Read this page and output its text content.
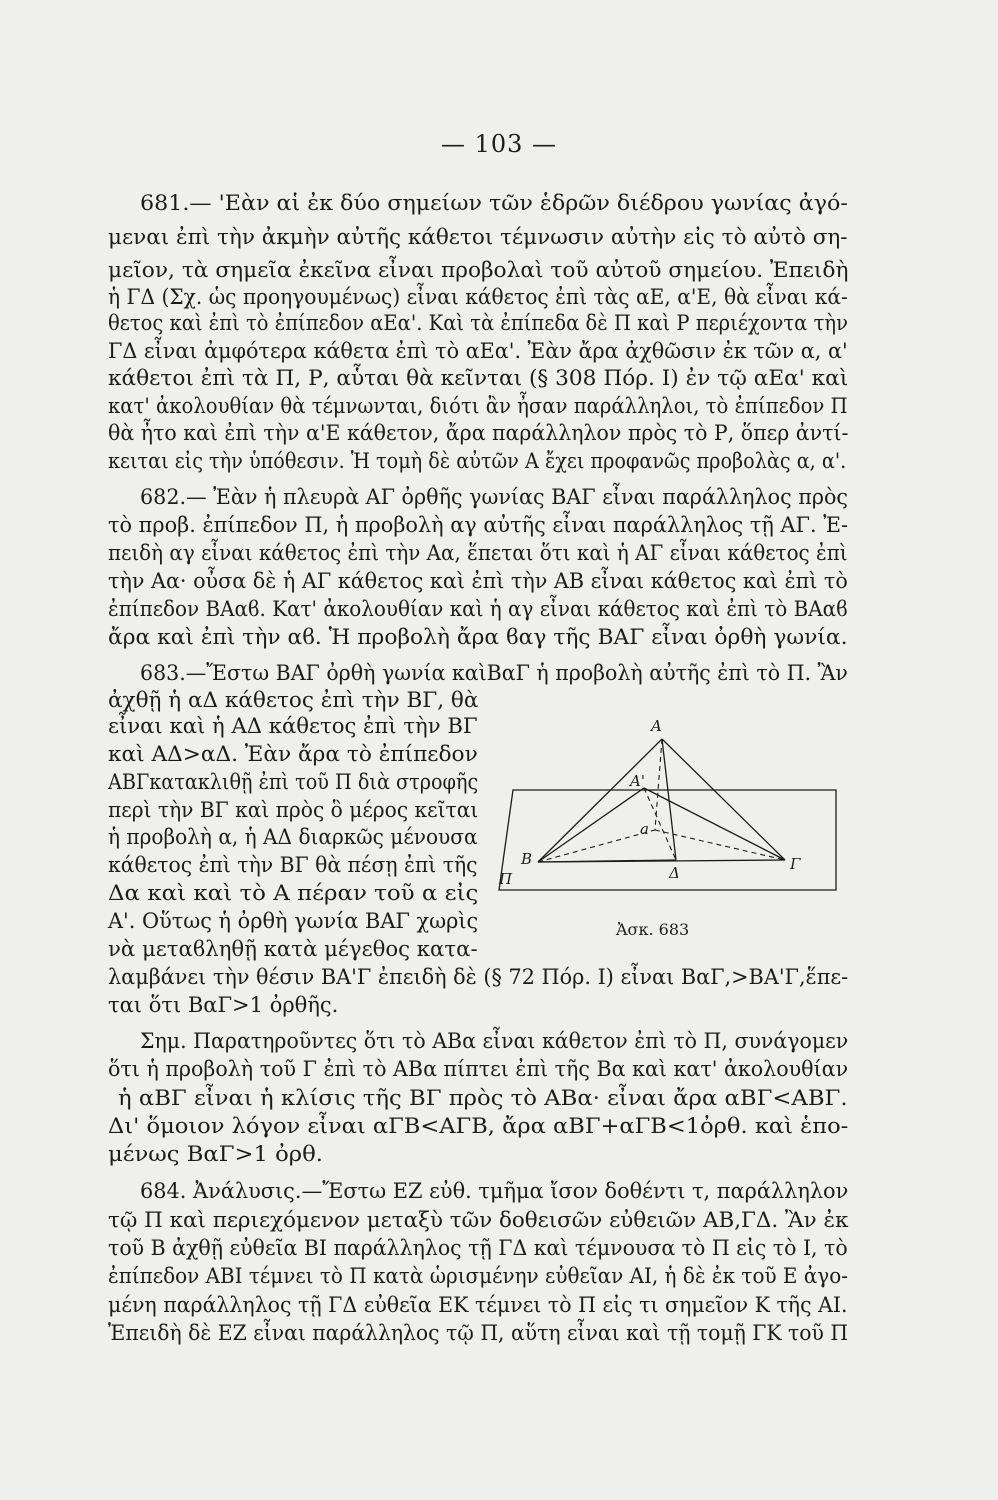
— 103 —
681.— 'Εὰν αἱ ἐκ δύο σημείων τῶν ἑδρῶν διέδρου γωνίας ἀγό-
μεναι ἐπὶ τὴν ἀκμὴν αὐτῆς κάθετοι τέμνωσιν αὐτὴν εἰς τὸ αὐτὸ ση-
μεῖον, τὰ σημεῖα ἐκεῖνα εἶναι προβολαὶ τοῦ αὐτοῦ σημείου. Ἐπειδὴ
ἡ ΓΔ (Σχ. ὡς προηγουμένως) εἶναι κάθετος ἐπὶ τὰς αΕ, α'Ε, θὰ εἶναι κά-
θετος καὶ ἐπὶ τὸ ἐπίπεδον αΕα'. Καὶ τὰ ἐπίπεδα δὲ Π καὶ Ρ περιέχοντα τὴν
ΓΔ εἶναι ἀμφότερα κάθετα ἐπὶ τὸ αΕα'. Ἐὰν ἄρα ἀχθῶσιν ἐκ τῶν α, α'
κάθετοι ἐπὶ τὰ Π, Ρ, αὗται θὰ κεῖνται (§ 308 Πόρ. Ι) ἐν τῷ αΕα' καὶ
κατ' ἀκολουθίαν θὰ τέμνωνται, διότι ἂν ἦσαν παράλληλοι, τὸ ἐπίπεδον Π
θὰ ἦτο καὶ ἐπὶ τὴν α'Ε κάθετον, ἄρα παράλληλον πρὸς τὸ Ρ, ὅπερ ἀντί-
κειται εἰς τὴν ὑπόθεσιν. Ἡ τομὴ δὲ αὐτῶν Α ἔχει προφανῶς προβολὰς α, α'.
682.— Ἐὰν ἡ πλευρὰ ΑΓ ὀρθῆς γωνίας ΒΑΓ εἶναι παράλληλος πρὸς
τὸ προβ. ἐπίπεδον Π, ἡ προβολὴ αγ αὐτῆς εἶναι παράλληλος τῇ ΑΓ. Ἐ-
πειδὴ αγ εἶναι κάθετος ἐπὶ τὴν Αα, ἕπεται ὅτι καὶ ἡ ΑΓ εἶναι κάθετος ἐπὶ
τὴν Αα· οὖσα δὲ ἡ ΑΓ κάθετος καὶ ἐπὶ τὴν ΑΒ εἶναι κάθετος καὶ ἐπὶ τὸ
ἐπίπεδον ΒΑαϐ. Κατ' ἀκολουθίαν καὶ ἡ αγ εἶναι κάθετος καὶ ἐπὶ τὸ ΒΑαϐ
ἄρα καὶ ἐπὶ τὴν αϐ. Ἡ προβολὴ ἄρα ϐαγ τῆς ΒΑΓ εἶναι ὀρθὴ γωνία.
683.—Ἔστω ΒΑΓ ὀρθὴ γωνία καὶΒαΓ ἡ προβολὴ αὐτῆς ἐπὶ τὸ Π. Ἂν
ἀχθῇ ἡ αΔ κάθετος ἐπὶ τὴν ΒΓ, θὰ
εἶναι καὶ ἡ ΑΔ κάθετος ἐπὶ τὴν ΒΓ
καὶ ΑΔ>αΔ. Ἐὰν ἄρα τὸ ἐπίπεδον
ΑΒΓκατακλιθῇ ἐπὶ τοῦ Π διὰ στροφῆς
περὶ τὴν ΒΓ καὶ πρὸς ὃ μέρος κεῖται
ἡ προβολὴ α, ἡ ΑΔ διαρκῶς μένουσα
κάθετος ἐπὶ τὴν ΒΓ θὰ πέσῃ ἐπὶ τῆς
Δα καὶ καὶ τὸ Α πέραν τοῦ α εἰς
Α'. Οὕτως ἡ ὀρθὴ γωνία ΒΑΓ χωρὶς
νὰ μεταϐληθῇ κατὰ μέγεθος κατα-
λαμβάνει τὴν θέσιν ΒΑ'Γ ἐπειδὴ δὲ (§ 72 Πόρ. Ι) εἶναι ΒαΓ,>ΒΑ'Γ,ἕπε-
ται ὅτι ΒαΓ>1 ὀρθῆς.
Σημ. Παρατηροῦντες ὅτι τὸ ΑΒα εἶναι κάθετον ἐπὶ τὸ Π, συνάγομεν
ὅτι ἡ προβολὴ τοῦ Γ ἐπὶ τὸ ΑΒα πίπτει ἐπὶ τῆς Βα καὶ κατ' ἀκολουθίαν
ἡ αΒΓ εἶναι ἡ κλίσις τῆς ΒΓ πρὸς τὸ ΑΒα· εἶναι ἄρα αΒΓ<ΑΒΓ.
Δι' ὅμοιον λόγον εἶναι αΓΒ<ΑΓΒ, ἄρα αΒΓ+αΓΒ<1ὀρθ. καὶ ἑπο-
μένως ΒαΓ>1 ὀρθ.
684. Ἀνάλυσις.—Ἔστω ΕΖ εὐθ. τμῆμα ἴσον δοθέντι τ, παράλληλον
τῷ Π καὶ περιεχόμενον μεταξὺ τῶν δοθεισῶν εὐθειῶν ΑΒ,ΓΔ. Ἂν ἐκ
τοῦ Β ἀχθῇ εὐθεῖα ΒΙ παράλληλος τῇ ΓΔ καὶ τέμνουσα τὸ Π εἰς τὸ Ι, τὸ
ἐπίπεδον ΑΒΙ τέμνει τὸ Π κατὰ ὡρισμένην εὐθεῖαν ΑΙ, ἡ δὲ ἐκ τοῦ Ε ἀγο-
μένη παράλληλος τῇ ΓΔ εὐθεῖα ΕΚ τέμνει τὸ Π εἰς τι σημεῖον Κ τῆς ΑΙ.
Ἐπειδὴ δὲ ΕΖ εἶναι παράλληλος τῷ Π, αὕτη εἶναι καὶ τῇ τομῇ ΓΚ τοῦ Π
A
A'
a
B	Γ
Δ
Π
Ἀσκ. 683
